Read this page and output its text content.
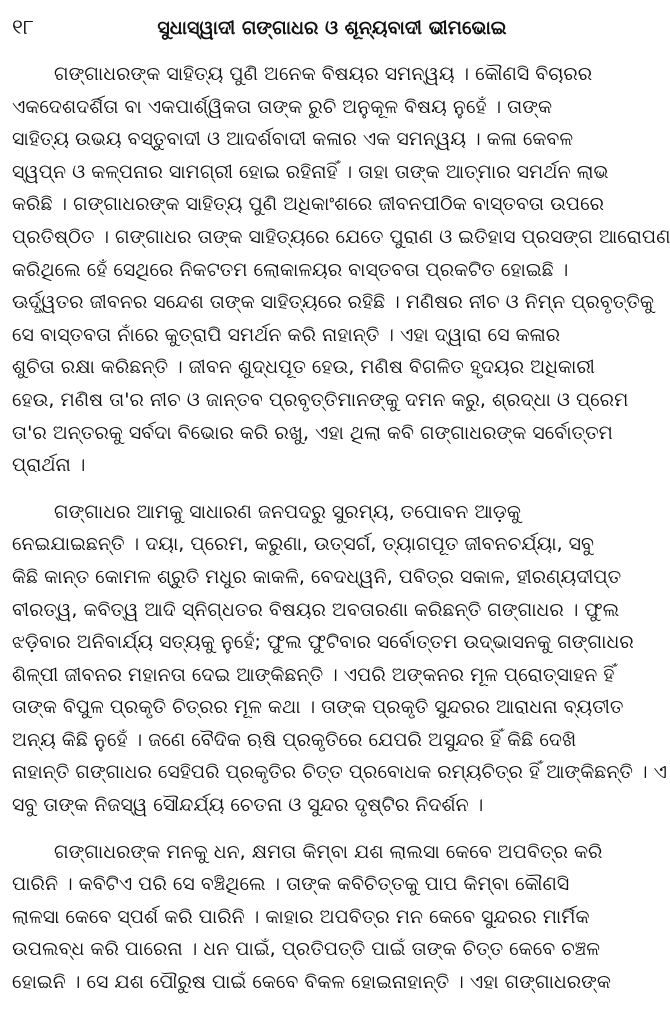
୧୮	ସୁଧାସ୍ୱାଦୀ ଗଙ୍ଗାଧର ଓ ଶୂନ୍ୟବାଦୀ ଭୀମଭୋଇ
ଗଙ୍ଗାଧରଙ୍କ ସାହିତ୍ୟ ପୁଣି ଅନେକ ବିଷୟର ସମନ୍ୱୟ । କୌଣସି ବିଚାରର
ଏକଦେଶଦର୍ଶିତା ବା ଏକପାର୍ଶ୍ୱିକତା ତାଙ୍କ ରୁଚି ଅନୁକୂଳ ବିଷୟ ନୁହେଁ । ତାଙ୍କ
ସାହିତ୍ୟ ଉଭୟ ବସ୍ତୁବାଦୀ ଓ ଆଦର୍ଶବାଦୀ କଳାର ଏକ ସମନ୍ୱୟ । କଳା କେବଳ
ସ୍ୱପ୍ନ ଓ କଳ୍ପନାର ସାମଗ୍ରୀ ହୋଇ ରହିନାହିଁ । ତାହା ତାଙ୍କ ଆତ୍ମାର ସମର୍ଥନ ଲାଭ
କରିଛି । ଗଙ୍ଗାଧରଙ୍କ ସାହିତ୍ୟ ପୁଣି ଅଧିକାଂଶରେ ଜୀବନପୀଠିକ ବାସ୍ତବତା ଉପରେ
ପ୍ରତିଷ୍ଠିତ । ଗଙ୍ଗାଧର ତାଙ୍କ ସାହିତ୍ୟରେ ଯେତେ ପୁରାଣ ଓ ଇତିହାସ ପ୍ରସଙ୍ଗ ଆରୋପଣ
କରିଥିଲେ ହେଁ ସେଥିରେ ନିକଟତମ ଲୋକାଳୟର ବାସ୍ତବତା ପ୍ରକଟିତ ହୋଇଛି ।
ଊର୍ଦ୍ଧ୍ୱତର ଜୀବନର ସନ୍ଦେଶ ତାଙ୍କ ସାହିତ୍ୟରେ ରହିଛି । ମଣିଷର ନୀଚ ଓ ନିମ୍ନ ପ୍ରବୃତ୍ତିକୁ
ସେ ବାସ୍ତବତା ନାଁରେ କୁତ୍ରାପି ସମର୍ଥନ କରି ନାହାନ୍ତି । ଏହା ଦ୍ୱାରା ସେ କଳାର
ଶୁଚିତା ରକ୍ଷା କରିଛନ୍ତି । ଜୀବନ ଶୁଦ୍ଧପୂତ ହେଉ, ମଣିଷ ବିଗଳିତ ହୃଦୟର ଅଧିକାରୀ
ହେଉ, ମଣିଷ ତା'ର ନୀଚ ଓ ଜାନ୍ତବ ପ୍ରବୃତ୍ତିମାନଙ୍କୁ ଦମନ କରୁ, ଶ୍ରଦ୍ଧା ଓ ପ୍ରେମ
ତା'ର ଅନ୍ତରକୁ ସର୍ବଦା ବିଭୋର କରି ରଖୁ, ଏହା ଥିଲା କବି ଗଙ୍ଗାଧରଙ୍କ ସର୍ବୋତ୍ତମ
ପ୍ରାର୍ଥନା ।
ଗଙ୍ଗାଧର ଆମକୁ ସାଧାରଣ ଜନପଦରୁ ସୁରମ୍ୟ, ତପୋବନ ଆଡ଼କୁ
ନେଇଯାଇଛନ୍ତି । ଦୟା, ପ୍ରେମ, କରୁଣା, ଉତ୍ସର୍ଗ, ତ୍ୟାଗପୂତ ଜୀବନଚର୍ଯ୍ୟା, ସବୁ
କିଛି କାନ୍ତ କୋମଳ ଶ୍ରୁତି ମଧୁର କାକଳି, ବେଦଧ୍ୱନି, ପବିତ୍ର ସକାଳ, ହୀରଣ୍ୟଦୀପ୍ତ
ବୀରତ୍ୱ, କବିତ୍ୱ ଆଦି ସ୍ନିଗ୍ଧତର ବିଷୟର ଅବତାରଣା କରିଛନ୍ତି ଗଙ୍ଗାଧର । ଫୁଲ
ଝଡ଼ିବାର ଅନିବାର୍ଯ୍ୟ ସତ୍ୟକୁ ନୁହେଁ; ଫୁଲ ଫୁଟିବାର ସର୍ବୋତ୍ତମ ଉଦ୍ଭାସନକୁ ଗଙ୍ଗାଧର
ଶିଳ୍ପୀ ଜୀବନର ମହାନତା ଦେଇ ଆଙ୍କିଛନ୍ତି । ଏପରି ଅଙ୍କନର ମୂଳ ପ୍ରୋତ୍ସାହନ ହିଁ
ତାଙ୍କ ବିପୁଳ ପ୍ରକୃତି ଚିତ୍ରର ମୂଳ କଥା । ତାଙ୍କ ପ୍ରକୃତି ସୁନ୍ଦରର ଆରାଧନା ବ୍ୟତୀତ
ଅନ୍ୟ କିଛି ନୁହେଁ । ଜଣେ ବୈଦିକ ଋଷି ପ୍ରକୃତିରେ ଯେପରି ଅସୁନ୍ଦର ହିଁ କିଛି ଦେଖି
ନାହାନ୍ତି ଗଙ୍ଗାଧର ସେହିପରି ପ୍ରକୃତିର ଚିତ୍ତ ପ୍ରବୋଧକ ରମ୍ୟଚିତ୍ର ହିଁ ଆଙ୍କିଛନ୍ତି । ଏ
ସବୁ ତାଙ୍କ ନିଜସ୍ୱ ସୌନ୍ଦର୍ଯ୍ୟ ଚେତନା ଓ ସୁନ୍ଦର ଦୃଷ୍ଟିର ନିଦର୍ଶନ ।
ଗଙ୍ଗାଧରଙ୍କ ମନକୁ ଧନ, କ୍ଷମତା କିମ୍ବା ଯଶ ଲାଲସା କେବେ ଅପବିତ୍ର କରି
ପାରିନି । କବିଟିଏ ପରି ସେ ବଞ୍ଚିଥିଲେ । ତାଙ୍କ କବିଚିତ୍ତକୁ ପାପ କିମ୍ବା କୌଣସି
ଲାଳସା କେବେ ସ୍ପର୍ଶ କରି ପାରିନି । କାହାର ଅପବିତ୍ର ମନ କେବେ ସୁନ୍ଦରର ମାର୍ମିକ
ଉପଲବ୍ଧ କରି ପାରେନା । ଧନ ପାଇଁ, ପ୍ରତିପତ୍ତି ପାଇଁ ତାଙ୍କ ଚିତ୍ତ କେବେ ଚଞ୍ଚଳ
ହୋଇନି । ସେ ଯଶ ପୌରୁଷ ପାଇଁ କେବେ ବିକଳ ହୋଇନାହାନ୍ତି । ଏହା ଗଙ୍ଗାଧରଙ୍କ
